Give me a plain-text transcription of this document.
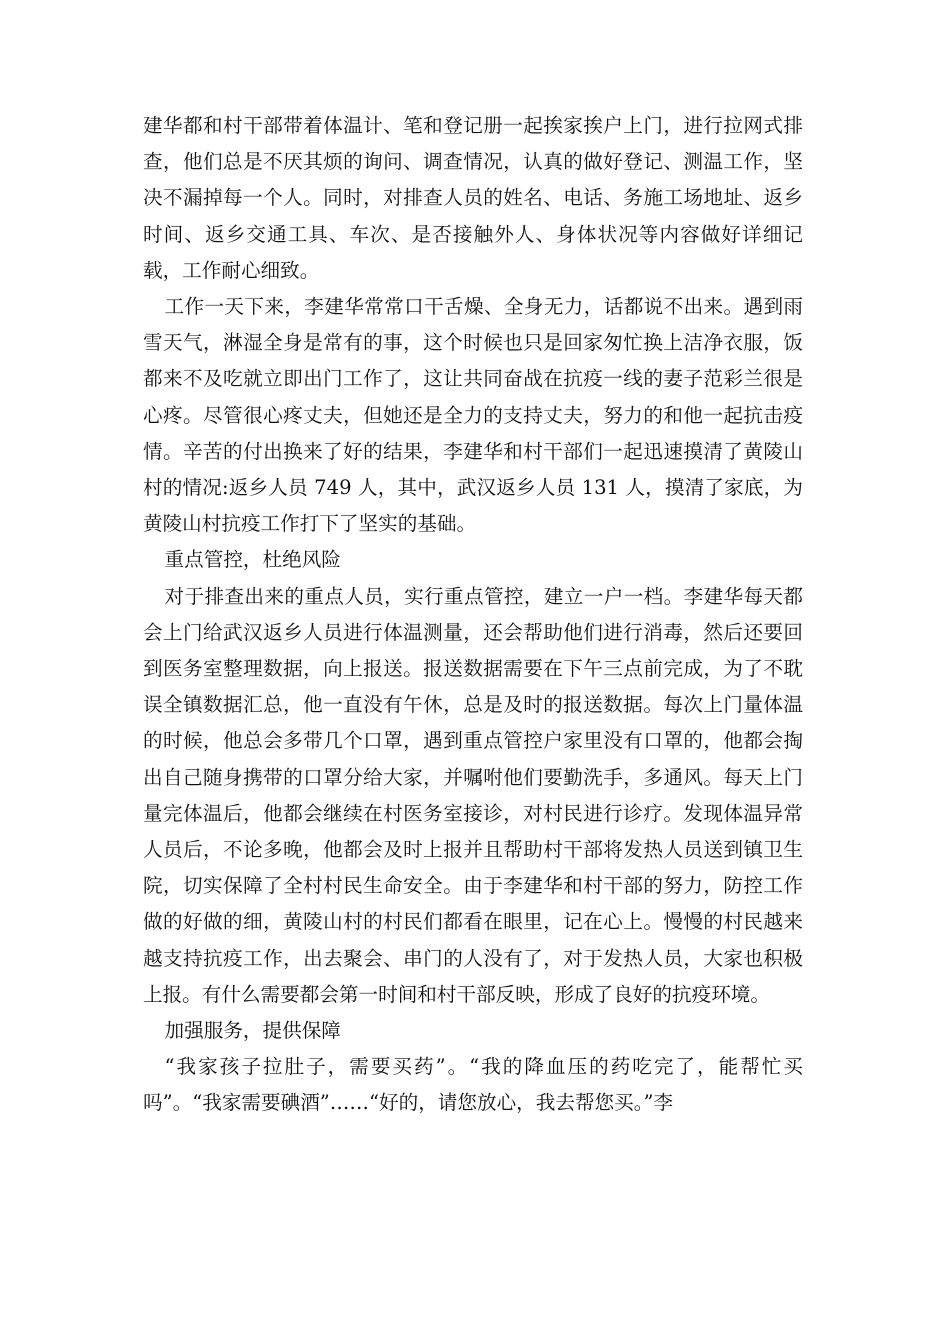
建华都和村干部带着体温计、笔和登记册一起挨家挨户上门，进行拉网式排查，他们总是不厌其烦的询问、调查情况，认真的做好登记、测温工作，坚决不漏掉每一个人。同时，对排查人员的姓名、电话、务施工场地址、返乡时间、返乡交通工具、车次、是否接触外人、身体状况等内容做好详细记载，工作耐心细致。

工作一天下来，李建华常常口干舌燥、全身无力，话都说不出来。遇到雨雪天气，淋湿全身是常有的事，这个时候也只是回家匆忙换上洁净衣服，饭都来不及吃就立即出门工作了，这让共同奋战在抗疫一线的妻子范彩兰很是心疼。尽管很心疼丈夫，但她还是全力的支持丈夫，努力的和他一起抗击疫情。辛苦的付出换来了好的结果，李建华和村干部们一起迅速摸清了黄陵山村的情况:返乡人员 749 人，其中，武汉返乡人员 131 人，摸清了家底，为黄陵山村抗疫工作打下了坚实的基础。

重点管控，杜绝风险

对于排查出来的重点人员，实行重点管控，建立一户一档。李建华每天都会上门给武汉返乡人员进行体温测量，还会帮助他们进行消毒，然后还要回到医务室整理数据，向上报送。报送数据需要在下午三点前完成，为了不耽误全镇数据汇总，他一直没有午休，总是及时的报送数据。每次上门量体温的时候，他总会多带几个口罩，遇到重点管控户家里没有口罩的，他都会掏出自己随身携带的口罩分给大家，并嘱咐他们要勤洗手，多通风。每天上门量完体温后，他都会继续在村医务室接诊，对村民进行诊疗。发现体温异常人员后，不论多晚，他都会及时上报并且帮助村干部将发热人员送到镇卫生院，切实保障了全村村民生命安全。由于李建华和村干部的努力，防控工作做的好做的细，黄陵山村的村民们都看在眼里，记在心上。慢慢的村民越来越支持抗疫工作，出去聚会、串门的人没有了，对于发热人员，大家也积极上报。有什么需要都会第一时间和村干部反映，形成了良好的抗疫环境。

加强服务，提供保障

“我家孩子拉肚子，需要买药”。“我的降血压的药吃完了，能帮忙买吗”。“我家需要碘酒”……“好的，请您放心，我去帮您买。”李
